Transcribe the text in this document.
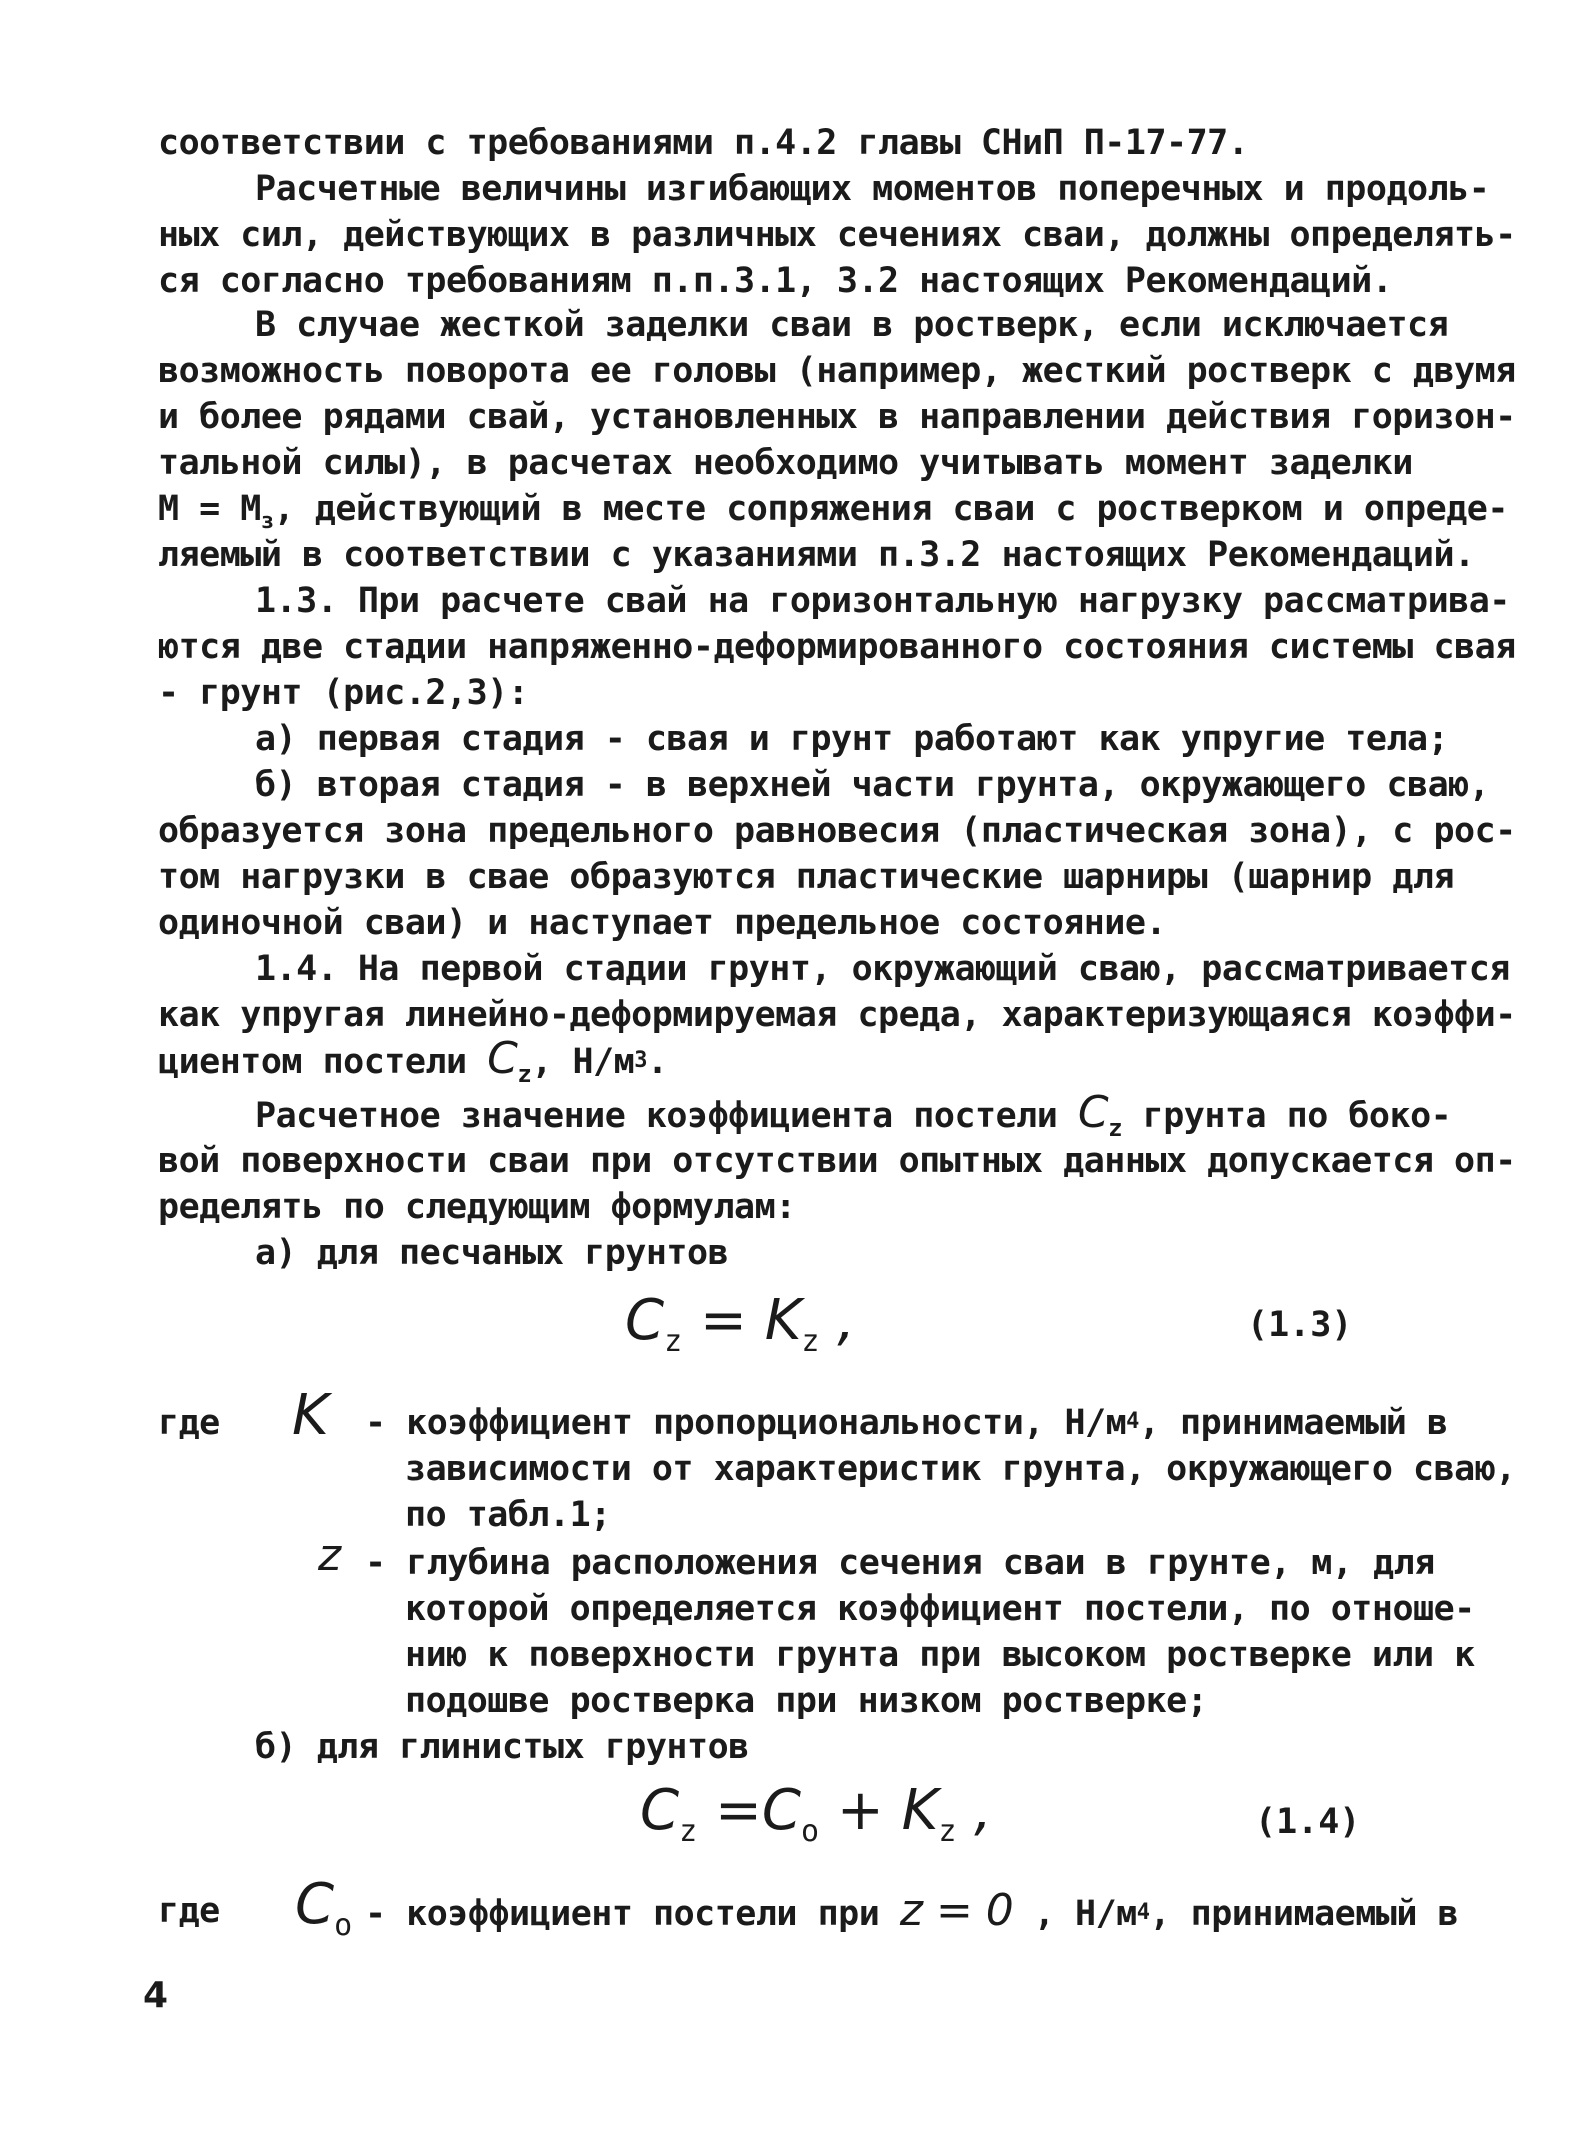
соответствии с требованиями п.4.2 главы СНиП П-17-77.
Расчетные величины изгибающих моментов поперечных и продоль-
ных сил, действующих в различных сечениях сваи, должны определять-
ся согласно требованиям п.п.3.1, 3.2 настоящих Рекомендаций.
В случае жесткой заделки сваи в ростверк, если исключается
возможность поворота ее головы (например, жесткий ростверк с двумя
и более рядами свай, установленных в направлении действия горизон-
тальной силы), в расчетах необходимо учитывать момент заделки
$M = M_з$, действующий в месте сопряжения сваи с ростверком и опреде-
ляемый в соответствии с указаниями п.3.2 настоящих Рекомендаций.
1.3. При расчете свай на горизонтальную нагрузку рассматрива-
ются две стадии напряженно-деформированного состояния системы свая
- грунт (рис.2,3):
а) первая стадия - свая и грунт работают как упругие тела;
б) вторая стадия - в верхней части грунта, окружающего сваю,
образуется зона предельного равновесия (пластическая зона), с рос-
том нагрузки в сваe образуются пластические шарниры (шарнир для
одиночной сваи) и наступает предельное состояние.
1.4. На первой стадии грунт, окружающий сваю, рассматривается
как упругая линейно-деформируемая среда, характеризующаяся коэффи-
циентом постели $C_z$, $Н/м^3$.
Расчетное значение коэффициента постели $C_z$ грунта по боко-
вой поверхности сваи при отсутствии опытных данных допускается оп-
ределять по следующим формулам:
а) для песчаных грунтов
Cz = Kz ,	(1.3)
где K - коэффициент пропорциональности, $Н/м^4$, принимаемый в
зависимости от характеристик грунта, окружающего сваю,
по табл.1;
z - глубина расположения сечения сваи в грунте, м, для
которой определяется коэффициент постели, по отноше-
нию к поверхности грунта при высоком ростверке или к
подошве ростверка при низком ростверке;
б) для глинистых грунтов
Cz =Co + Kz ,	(1.4)
где Co - коэффициент постели при z = 0 , $Н/м^4$, принимаемый в
4
